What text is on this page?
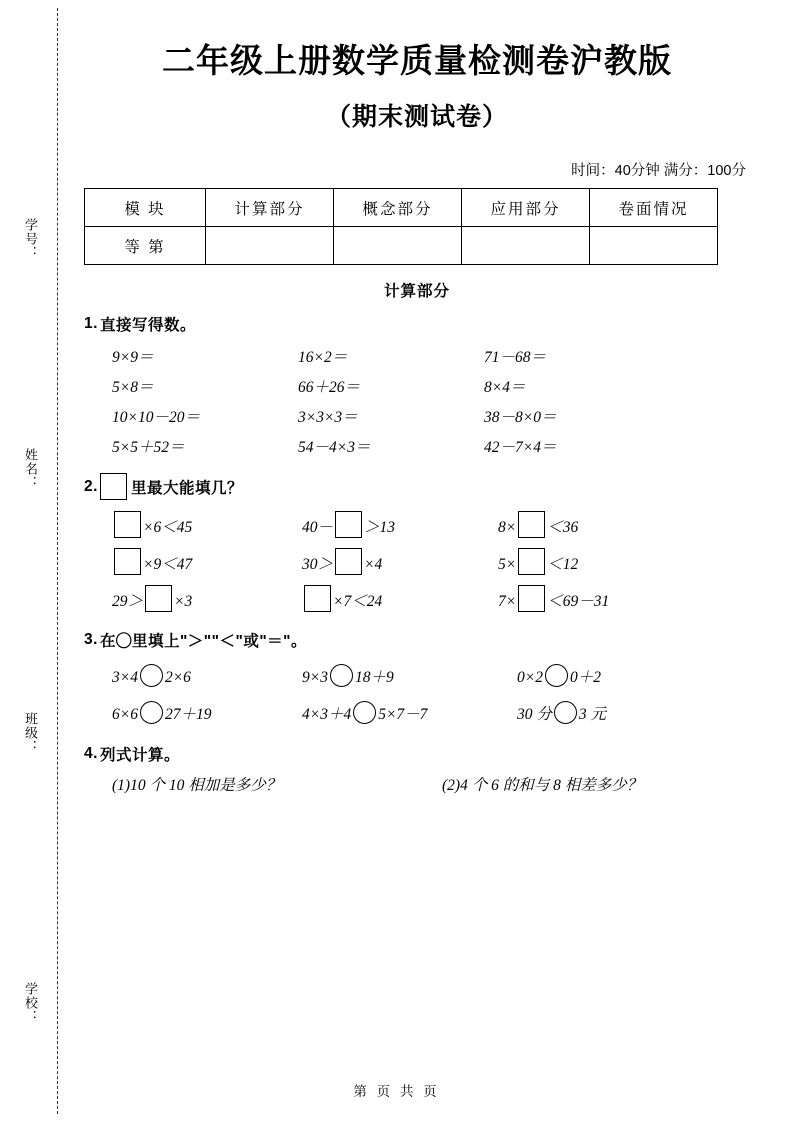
学号：
姓名：
班级：
学校：
二年级上册数学质量检测卷沪教版
（期末测试卷）
时间：40分钟 满分：100分
模 块	计算部分	概念部分	应用部分	卷面情况
等 第				
计算部分
1. 直接写得数。
9×9＝	16×2＝	71－68＝
5×8＝	66＋26＝	8×4＝
10×10－20＝	3×3×3＝	38－8×0＝
5×5＋52＝	54－4×3＝	42－7×4＝
2. 里最大能填几？
×6＜45	40－ ＞13	8× ＜36
×9＜47	30＞ ×4	5× ＜12
29＞ ×3	×7＜24	7× ＜69－31
3. 在◯里填上"＞""＜"或"＝"。
3×4 2×6	9×3 18＋9	0×2 0＋2
6×6 27＋19	4×3＋4 5×7－7	30 分 3 元
4. 列式计算。
(1)10 个 10 相加是多少？	(2)4 个 6 的和与 8 相差多少？
第 页 共 页
